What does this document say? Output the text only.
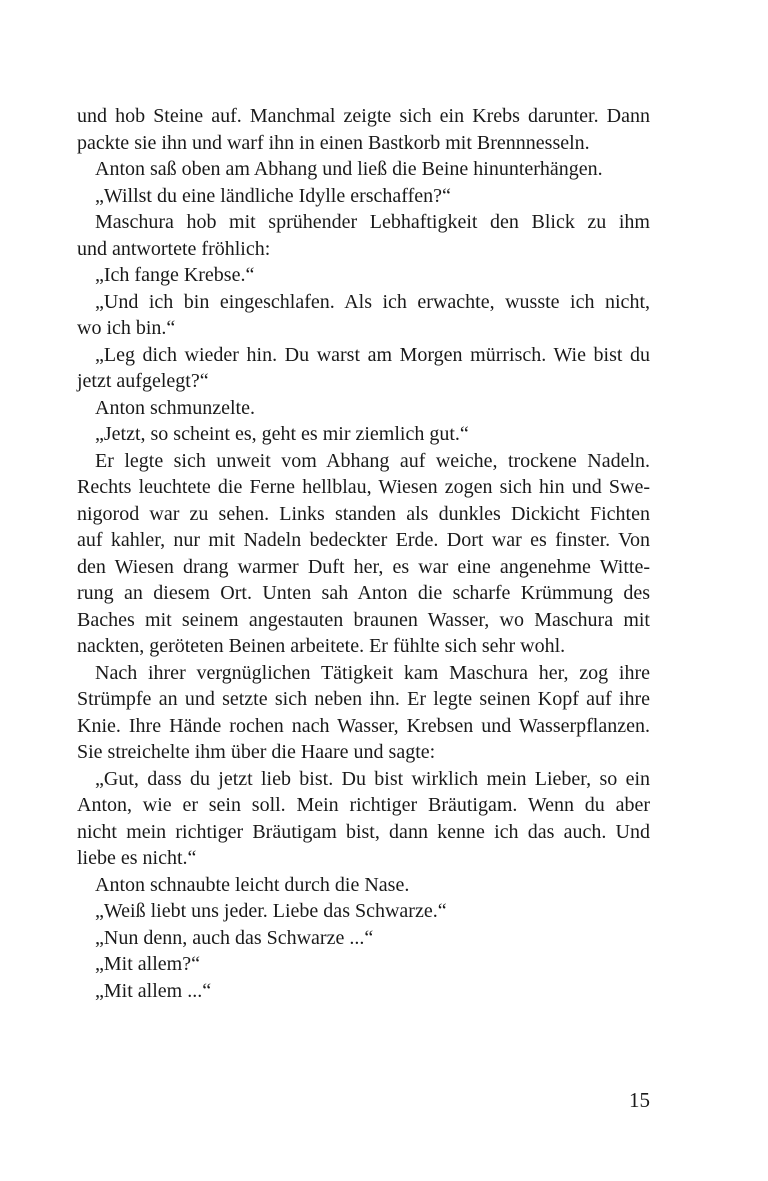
und hob Steine auf. Manchmal zeigte sich ein Krebs darunter. Dann
packte sie ihn und warf ihn in einen Bastkorb mit Brennnesseln.
Anton saß oben am Abhang und ließ die Beine hinunterhängen.
„Willst du eine ländliche Idylle erschaffen?“
Maschura hob mit sprühender Lebhaftigkeit den Blick zu ihm
und antwortete fröhlich:
„Ich fange Krebse.“
„Und ich bin eingeschlafen. Als ich erwachte, wusste ich nicht,
wo ich bin.“
„Leg dich wieder hin. Du warst am Morgen mürrisch. Wie bist du
jetzt aufgelegt?“
Anton schmunzelte.
„Jetzt, so scheint es, geht es mir ziemlich gut.“
Er legte sich unweit vom Abhang auf weiche, trockene Nadeln.
Rechts leuchtete die Ferne hellblau, Wiesen zogen sich hin und Swe-
nigorod war zu sehen. Links standen als dunkles Dickicht Fichten
auf kahler, nur mit Nadeln bedeckter Erde. Dort war es finster. Von
den Wiesen drang warmer Duft her, es war eine angenehme Witte-
rung an diesem Ort. Unten sah Anton die scharfe Krümmung des
Baches mit seinem angestauten braunen Wasser, wo Maschura mit
nackten, geröteten Beinen arbeitete. Er fühlte sich sehr wohl.
Nach ihrer vergnüglichen Tätigkeit kam Maschura her, zog ihre
Strümpfe an und setzte sich neben ihn. Er legte seinen Kopf auf ihre
Knie. Ihre Hände rochen nach Wasser, Krebsen und Wasserpflanzen.
Sie streichelte ihm über die Haare und sagte:
„Gut, dass du jetzt lieb bist. Du bist wirklich mein Lieber, so ein
Anton, wie er sein soll. Mein richtiger Bräutigam. Wenn du aber
nicht mein richtiger Bräutigam bist, dann kenne ich das auch. Und
liebe es nicht.“
Anton schnaubte leicht durch die Nase.
„Weiß liebt uns jeder. Liebe das Schwarze.“
„Nun denn, auch das Schwarze ...“
„Mit allem?“
„Mit allem ...“
15
